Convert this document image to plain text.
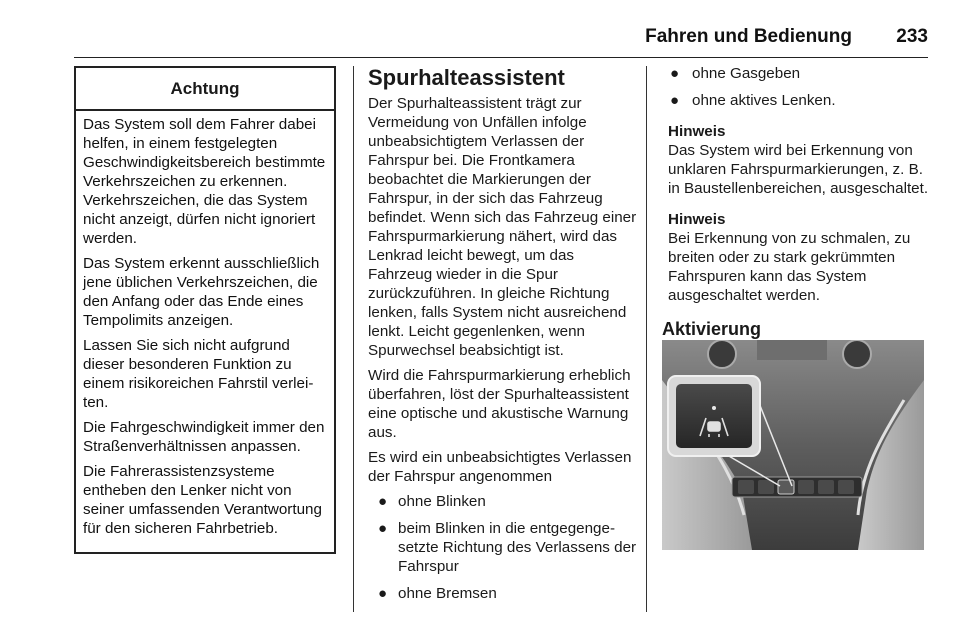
Fahren und Bedienung 233
Achtung

Das System soll dem Fahrer dabei helfen, in einem festgelegten Geschwindigkeitsbereich bestimmte Verkehrszeichen zu erkennen. Verkehrszeichen, die das System nicht anzeigt, dürfen nicht ignoriert werden.

Das System erkennt ausschließlich jene üblichen Verkehrszeichen, die den Anfang oder das Ende eines Tempolimits anzeigen.

Lassen Sie sich nicht aufgrund dieser besonderen Funktion zu einem risikoreichen Fahrstil verleiten.

Die Fahrgeschwindigkeit immer den Straßenverhältnissen anpassen.

Die Fahrerassistenzsysteme entheben den Lenker nicht von seiner umfassenden Verantwortung für den sicheren Fahrbetrieb.

Spurhalteassistent

Der Spurhalteassistent trägt zur Vermeidung von Unfällen infolge unbeabsichtigtem Verlassen der Fahrspur bei. Die Frontkamera beobachtet die Markierungen der Fahrspur, in der sich das Fahrzeug befindet. Wenn sich das Fahrzeug einer Fahrspurmarkierung nähert, wird das Lenkrad leicht bewegt, um das Fahrzeug wieder in die Spur zurückzuführen. In gleiche Richtung lenken, falls System nicht ausreichend lenkt. Leicht gegenlenken, wenn Spurwechsel beabsichtigt ist.

Wird die Fahrspurmarkierung erheblich überfahren, löst der Spurhalteassistent eine optische und akustische Warnung aus.

Es wird ein unbeabsichtigtes Verlassen der Fahrspur angenommen

● ohne Blinken
● beim Blinken in die entgegengesetzte Richtung des Verlassens der Fahrspur
● ohne Bremsen
● ohne Gasgeben
● ohne aktives Lenken.
Hinweis

Das System wird bei Erkennung von unklaren Fahrspurmarkierungen, z. B. in Baustellenbereichen, ausgeschaltet.

Hinweis

Bei Erkennung von zu schmalen, zu breiten oder zu stark gekrümmten Fahrspuren kann das System ausgeschaltet werden.

Aktivierung
